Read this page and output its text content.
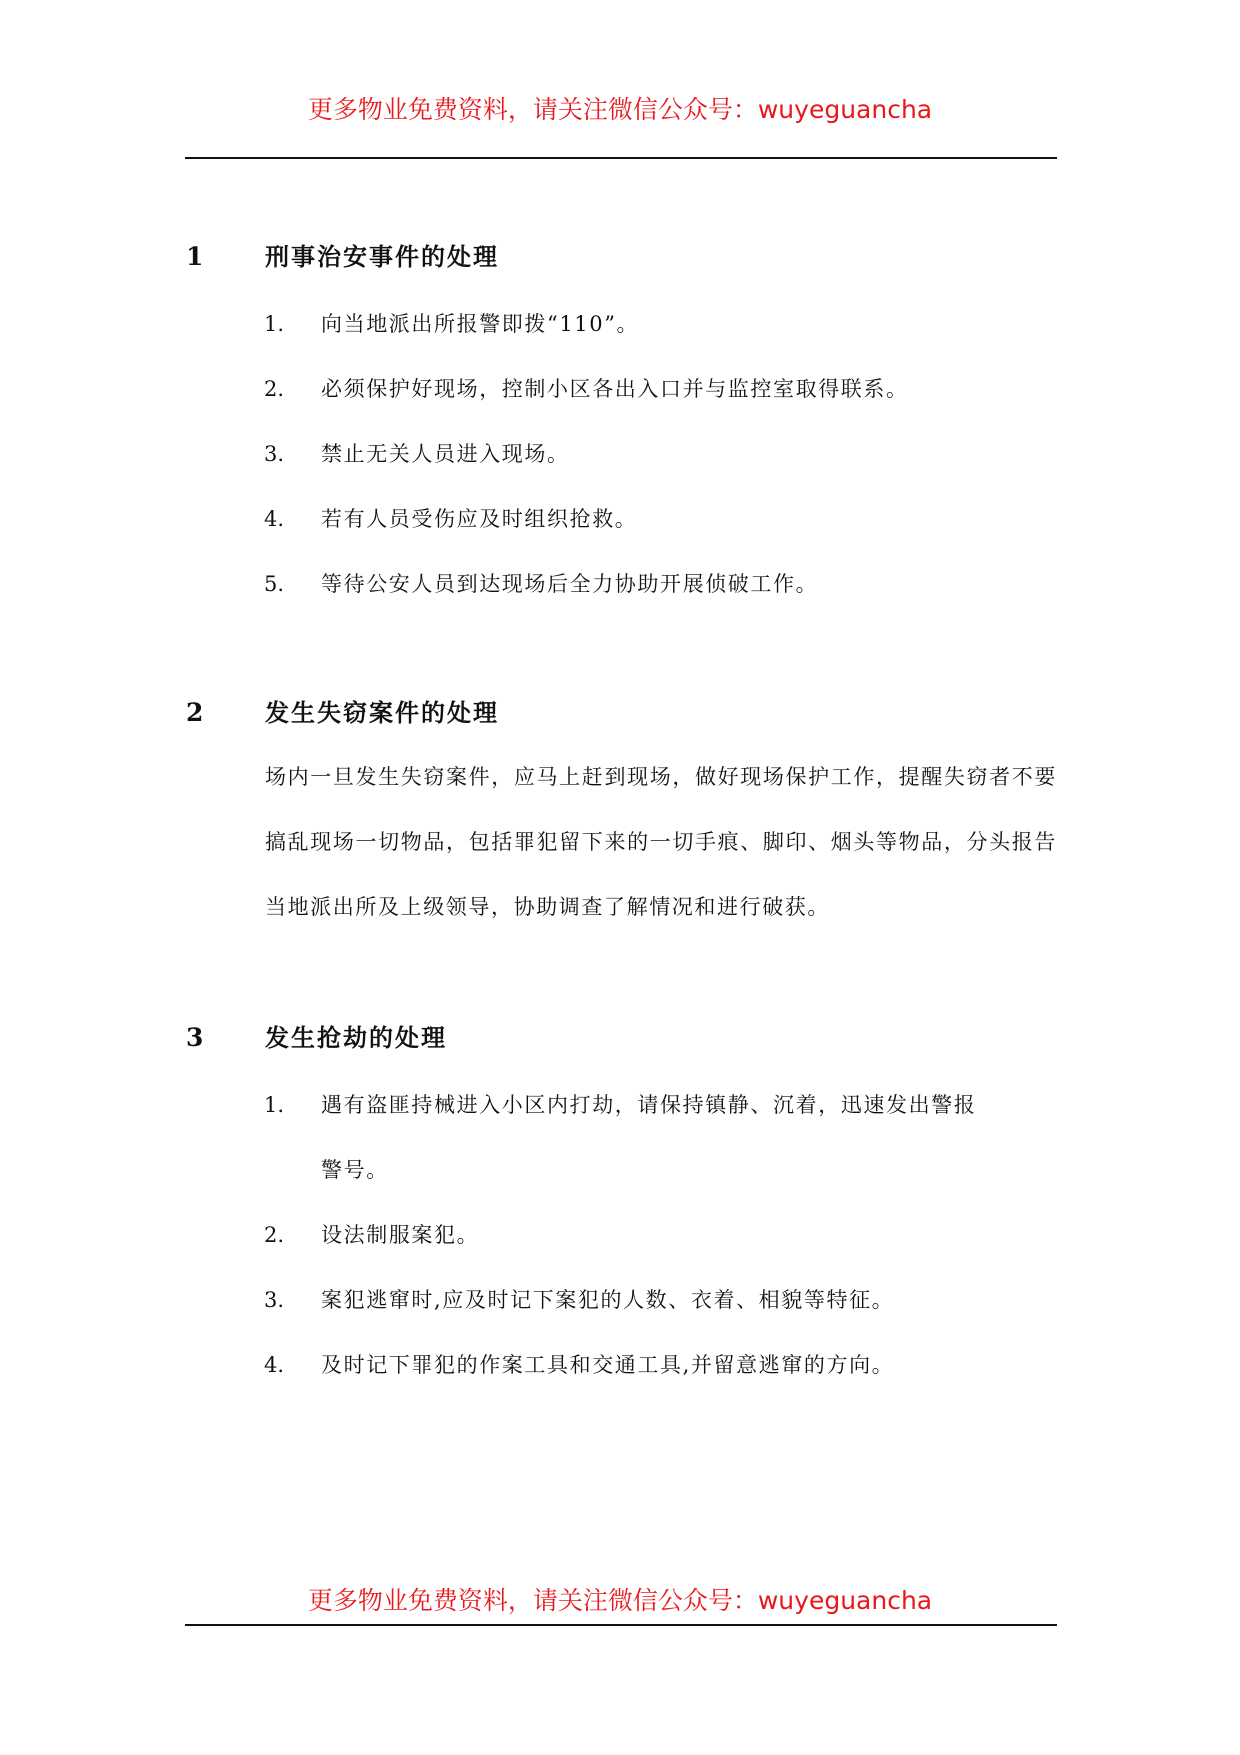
更多物业免费资料，请关注微信公众号：wuyeguancha
1	刑事治安事件的处理
1. 向当地派出所报警即拨“110”。
2. 必须保护好现场，控制小区各出入口并与监控室取得联系。
3. 禁止无关人员进入现场。
4. 若有人员受伤应及时组织抢救。
5. 等待公安人员到达现场后全力协助开展侦破工作。
2	发生失窃案件的处理
场内一旦发生失窃案件，应马上赶到现场，做好现场保护工作，提醒失窃者不要搞乱现场一切物品，包括罪犯留下来的一切手痕、脚印、烟头等物品，分头报告当地派出所及上级领导，协助调查了解情况和进行破获。
3	发生抢劫的处理
1. 遇有盗匪持械进入小区内打劫，请保持镇静、沉着，迅速发出警报
警号。
2. 设法制服案犯。
3. 案犯逃窜时,应及时记下案犯的人数、衣着、相貌等特征。
4. 及时记下罪犯的作案工具和交通工具,并留意逃窜的方向。
更多物业免费资料，请关注微信公众号：wuyeguancha
